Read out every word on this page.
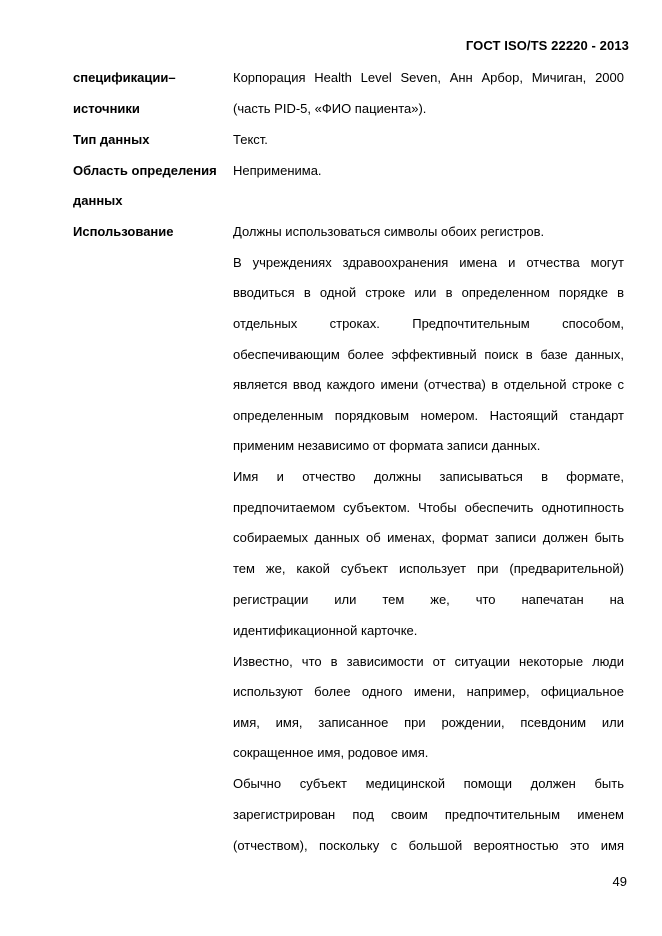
ГОСТ ISO/TS 22220 - 2013
спецификации–
источники
Тип данных
Область определения
данных
Использование
Корпорация Health Level Seven, Анн Арбор, Мичиган, 2000
(часть PID-5, «ФИО пациента»).
Текст.
Неприменима.
Должны использоваться символы обоих регистров.
В учреждениях здравоохранения имена и отчества могут
вводиться в одной строке или в определенном порядке в
отдельных строках. Предпочтительным способом,
обеспечивающим более эффективный поиск в базе данных,
является ввод каждого имени (отчества) в отдельной строке с
определенным порядковым номером. Настоящий стандарт
применим независимо от формата записи данных.
Имя и отчество должны записываться в формате,
предпочитаемом субъектом. Чтобы обеспечить однотипность
собираемых данных об именах, формат записи должен быть
тем же, какой субъект использует при (предварительной)
регистрации или тем же, что напечатан на
идентификационной карточке.
Известно, что в зависимости от ситуации некоторые люди
используют более одного имени, например, официальное
имя, имя, записанное при рождении, псевдоним или
сокращенное имя, родовое имя.
Обычно субъект медицинской помощи должен быть
зарегистрирован под своим предпочтительным именем
(отчеством), поскольку с большой вероятностью это имя
49
